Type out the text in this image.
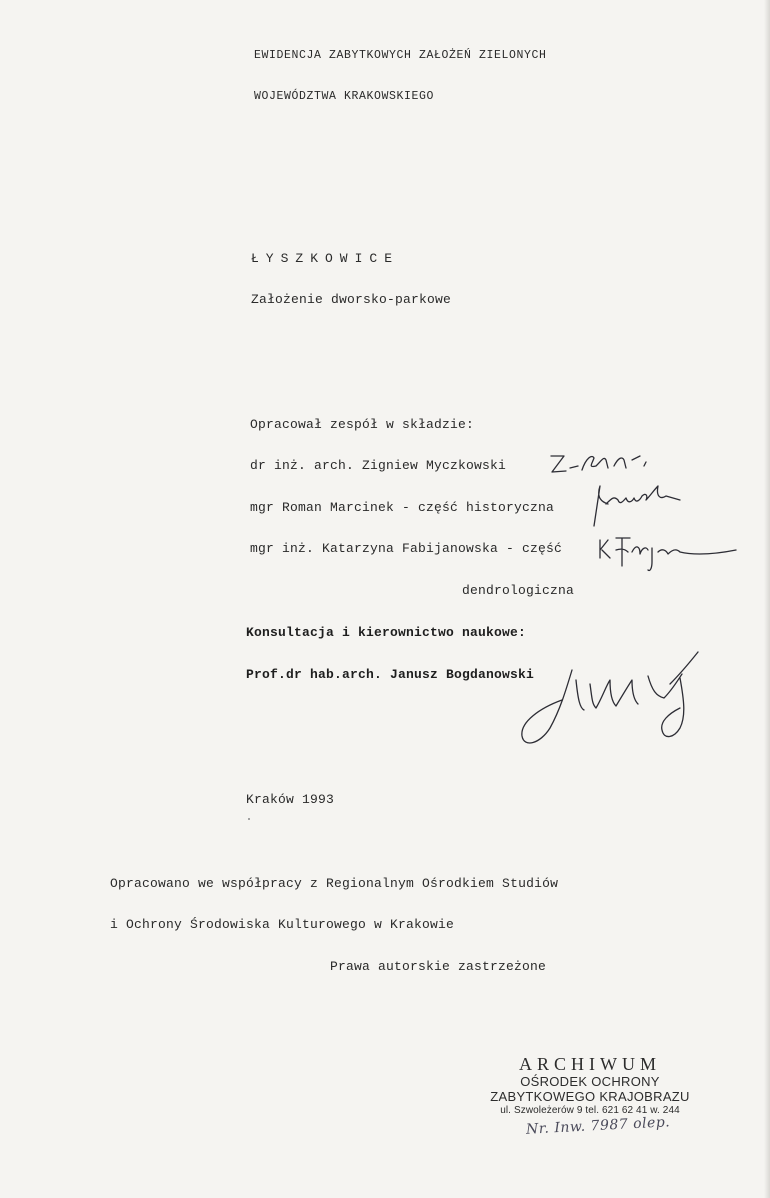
EWIDENCJA ZABYTKOWYCH ZAŁOŻEŃ ZIELONYCH
WOJEWÓDZTWA KRAKOWSKIEGO
ŁYSZKOWICE
Założenie dworsko-parkowe
Opracował zespół w składzie:
dr inż. arch. Zigniew Myczkowski
mgr Roman Marcinek - część historyczna
mgr inż. Katarzyna Fabijanowska - część
dendrologiczna
Konsultacja i kierownictwo naukowe:
Prof.dr hab.arch. Janusz Bogdanowski
Kraków 1993
Opracowano we współpracy z Regionalnym Ośrodkiem Studiów
i Ochrony Środowiska Kulturowego w Krakowie
Prawa autorskie zastrzeżone
ARCHIWUM
OŚRODEK OCHRONY
ZABYTKOWEGO KRAJOBRAZU
ul. Szwoleżerów 9 tel. 621 62 41 w. 244
Nr. Inw. 7987 olep.
